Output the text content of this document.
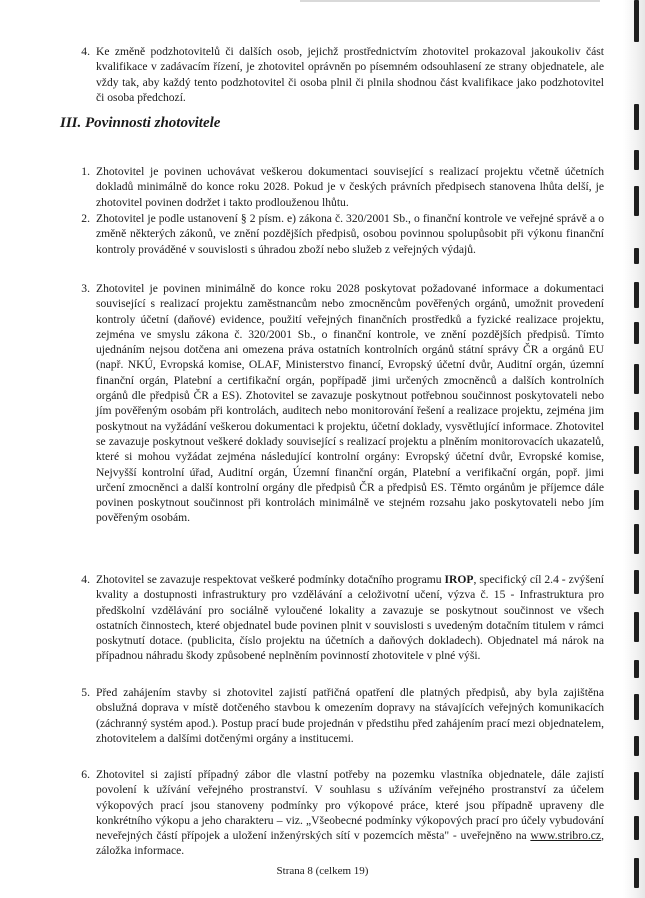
4. Ke změně podzhotovitelů či dalších osob, jejichž prostřednictvím zhotovitel prokazoval jakoukoliv část kvalifikace v zadávacím řízení, je zhotovitel oprávněn po písemném odsouhlasení ze strany objednatele, ale vždy tak, aby každý tento podzhotovitel či osoba plnil či plnila shodnou část kvalifikace jako podzhotovitel či osoba předchozí.
III. Povinnosti zhotovitele
1. Zhotovitel je povinen uchovávat veškerou dokumentaci související s realizací projektu včetně účetních dokladů minimálně do konce roku 2028. Pokud je v českých právních předpisech stanovena lhůta delší, je zhotovitel povinen dodržet i takto prodlouženou lhůtu.
2. Zhotovitel je podle ustanovení § 2 písm. e) zákona č. 320/2001 Sb., o finanční kontrole ve veřejné správě a o změně některých zákonů, ve znění pozdějších předpisů, osobou povinnou spolupůsobit při výkonu finanční kontroly prováděné v souvislosti s úhradou zboží nebo služeb z veřejných výdajů.
3. Zhotovitel je povinen minimálně do konce roku 2028 poskytovat požadované informace a dokumentaci související s realizací projektu zaměstnancům nebo zmocněncům pověřených orgánů, umožnit provedení kontroly účetní (daňové) evidence, použití veřejných finančních prostředků a fyzické realizace projektu, zejména ve smyslu zákona č. 320/2001 Sb., o finanční kontrole, ve znění pozdějších předpisů. Tímto ujednáním nejsou dotčena ani omezena práva ostatních kontrolních orgánů státní správy ČR a orgánů EU (např. NKÚ, Evropská komise, OLAF, Ministerstvo financí, Evropský účetní dvůr, Auditní orgán, územní finanční orgán, Platební a certifikační orgán, popřípadě jimi určených zmocněnců a dalších kontrolních orgánů dle předpisů ČR a ES). Zhotovitel se zavazuje poskytnout potřebnou součinnost poskytovateli nebo jím pověřeným osobám při kontrolách, auditech nebo monitorování řešení a realizace projektu, zejména jim poskytnout na vyžádání veškerou dokumentaci k projektu, účetní doklady, vysvětlující informace. Zhotovitel se zavazuje poskytnout veškeré doklady související s realizací projektu a plněním monitorovacích ukazatelů, které si mohou vyžádat zejména následující kontrolní orgány: Evropský účetní dvůr, Evropské komise, Nejvyšší kontrolní úřad, Auditní orgán, Územní finanční orgán, Platební a verifikační orgán, popř. jimi určení zmocněnci a další kontrolní orgány dle předpisů ČR a předpisů ES. Těmto orgánům je příjemce dále povinen poskytnout součinnost při kontrolách minimálně ve stejném rozsahu jako poskytovateli nebo jím pověřeným osobám.
4. Zhotovitel se zavazuje respektovat veškeré podmínky dotačního programu IROP, specifický cíl 2.4 - zvýšení kvality a dostupnosti infrastruktury pro vzdělávání a celoživotní učení, výzva č. 15 - Infrastruktura pro předškolní vzdělávání pro sociálně vyloučené lokality a zavazuje se poskytnout součinnost ve všech ostatních činnostech, které objednatel bude povinen plnit v souvislosti s uvedeným dotačním titulem v rámci poskytnutí dotace. (publicita, číslo projektu na účetních a daňových dokladech). Objednatel má nárok na případnou náhradu škody způsobené neplněním povinností zhotovitele v plné výši.
5. Před zahájením stavby si zhotovitel zajistí patřičná opatření dle platných předpisů, aby byla zajištěna obslužná doprava v místě dotčeného stavbou k omezením dopravy na stávajících veřejných komunikacích (záchranný systém apod.). Postup prací bude projednán v předstihu před zahájením prací mezi objednatelem, zhotovitelem a dalšími dotčenými orgány a institucemi.
6. Zhotovitel si zajistí případný zábor dle vlastní potřeby na pozemku vlastníka objednatele, dále zajistí povolení k užívání veřejného prostranství. V souhlasu s užíváním veřejného prostranství za účelem výkopových prací jsou stanoveny podmínky pro výkopové práce, které jsou případně upraveny dle konkrétního výkopu a jeho charakteru – viz. „Všeobecné podmínky výkopových prací pro účely vybudování neveřejných částí přípojek a uložení inženýrských sítí v pozemcích města" - uveřejněno na www.stribro.cz, záložka informace.
Strana 8 (celkem 19)
